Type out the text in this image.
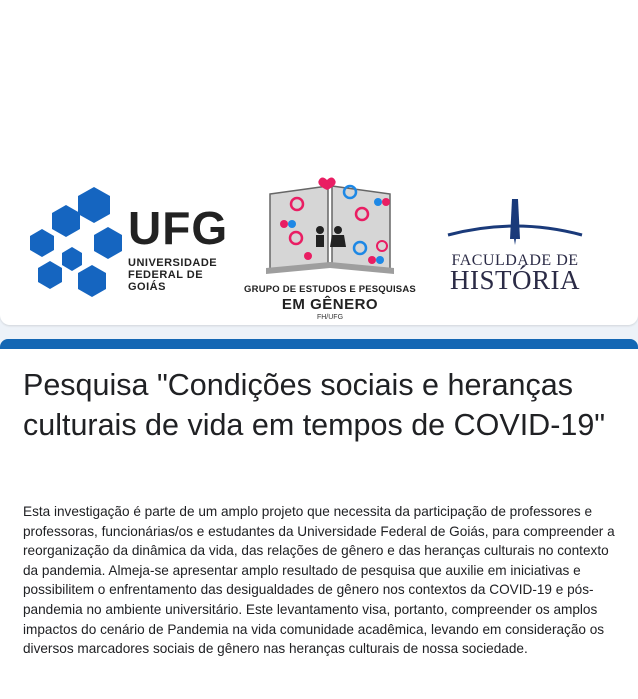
UFG
UNIVERSIDADE
FEDERAL DE GOIÁS	GRUPO DE ESTUDOS E PESQUISAS
EM GÊNERO
FH/UFG
FACULDADE DE
HISTÓRIA
Pesquisa "Condições sociais e heranças culturais de vida em tempos de COVID-19"

Esta investigação é parte de um amplo projeto que necessita da participação de professores e professoras, funcionárias/os e estudantes da Universidade Federal de Goiás, para compreender a reorganização da dinâmica da vida, das relações de gênero e das heranças culturais no contexto da pandemia. Almeja-se apresentar amplo resultado de pesquisa que auxilie em iniciativas e possibilitem o enfrentamento das desigualdades de gênero nos contextos da COVID-19 e pós-pandemia no ambiente universitário. Este levantamento visa, portanto, compreender os amplos impactos do cenário de Pandemia na vida comunidade acadêmica, levando em consideração os diversos marcadores sociais de gênero nas heranças culturais de nossa sociedade.
